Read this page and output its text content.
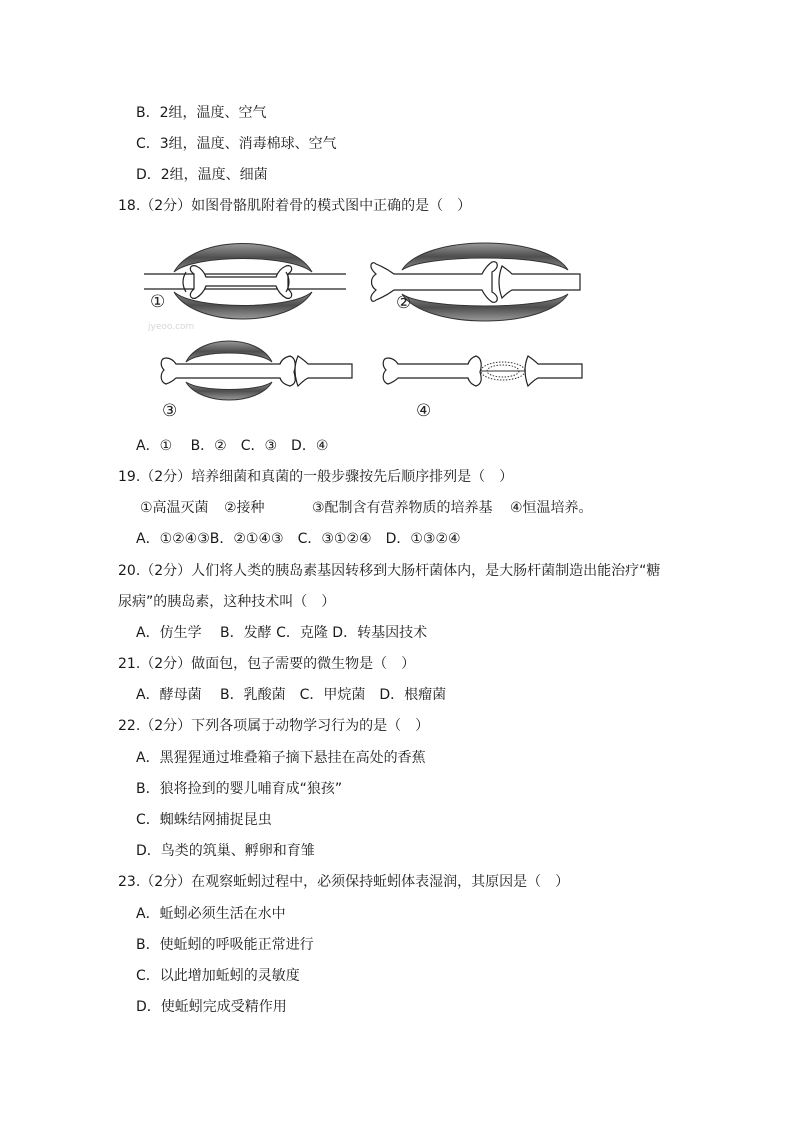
B．2组，温度、空气
C．3组，温度、消毒棉球、空气
D．2组，温度、细菌
18.（2分）如图骨骼肌附着骨的模式图中正确的是（　）
①	②
③	④
jyeoo.com
A．①　 B．②　C．③　D．④
19.（2分）培养细菌和真菌的一般步骤按先后顺序排列是（　）
①高温灭菌 ②接种	③配制含有营养物质的培养基 ④恒温培养。
A．①②④③B．②①④③　C．③①②④　D．①③②④
20.（2分）人们将人类的胰岛素基因转移到大肠杆菌体内，是大肠杆菌制造出能治疗“糖
尿病”的胰岛素，这种技术叫（　）
A．仿生学　 B．发酵 C．克隆 D．转基因技术
21.（2分）做面包，包子需要的微生物是（　）
A．酵母菌　 B．乳酸菌　C．甲烷菌　D．根瘤菌
22.（2分）下列各项属于动物学习行为的是（　）
A．黑猩猩通过堆叠箱子摘下悬挂在高处的香蕉
B．狼将捡到的婴儿哺育成“狼孩”
C．蜘蛛结网捕捉昆虫
D．鸟类的筑巢、孵卵和育雏
23.（2分）在观察蚯蚓过程中，必须保持蚯蚓体表湿润，其原因是（　）
A．蚯蚓必须生活在水中
B．使蚯蚓的呼吸能正常进行
C．以此增加蚯蚓的灵敏度
D．使蚯蚓完成受精作用
